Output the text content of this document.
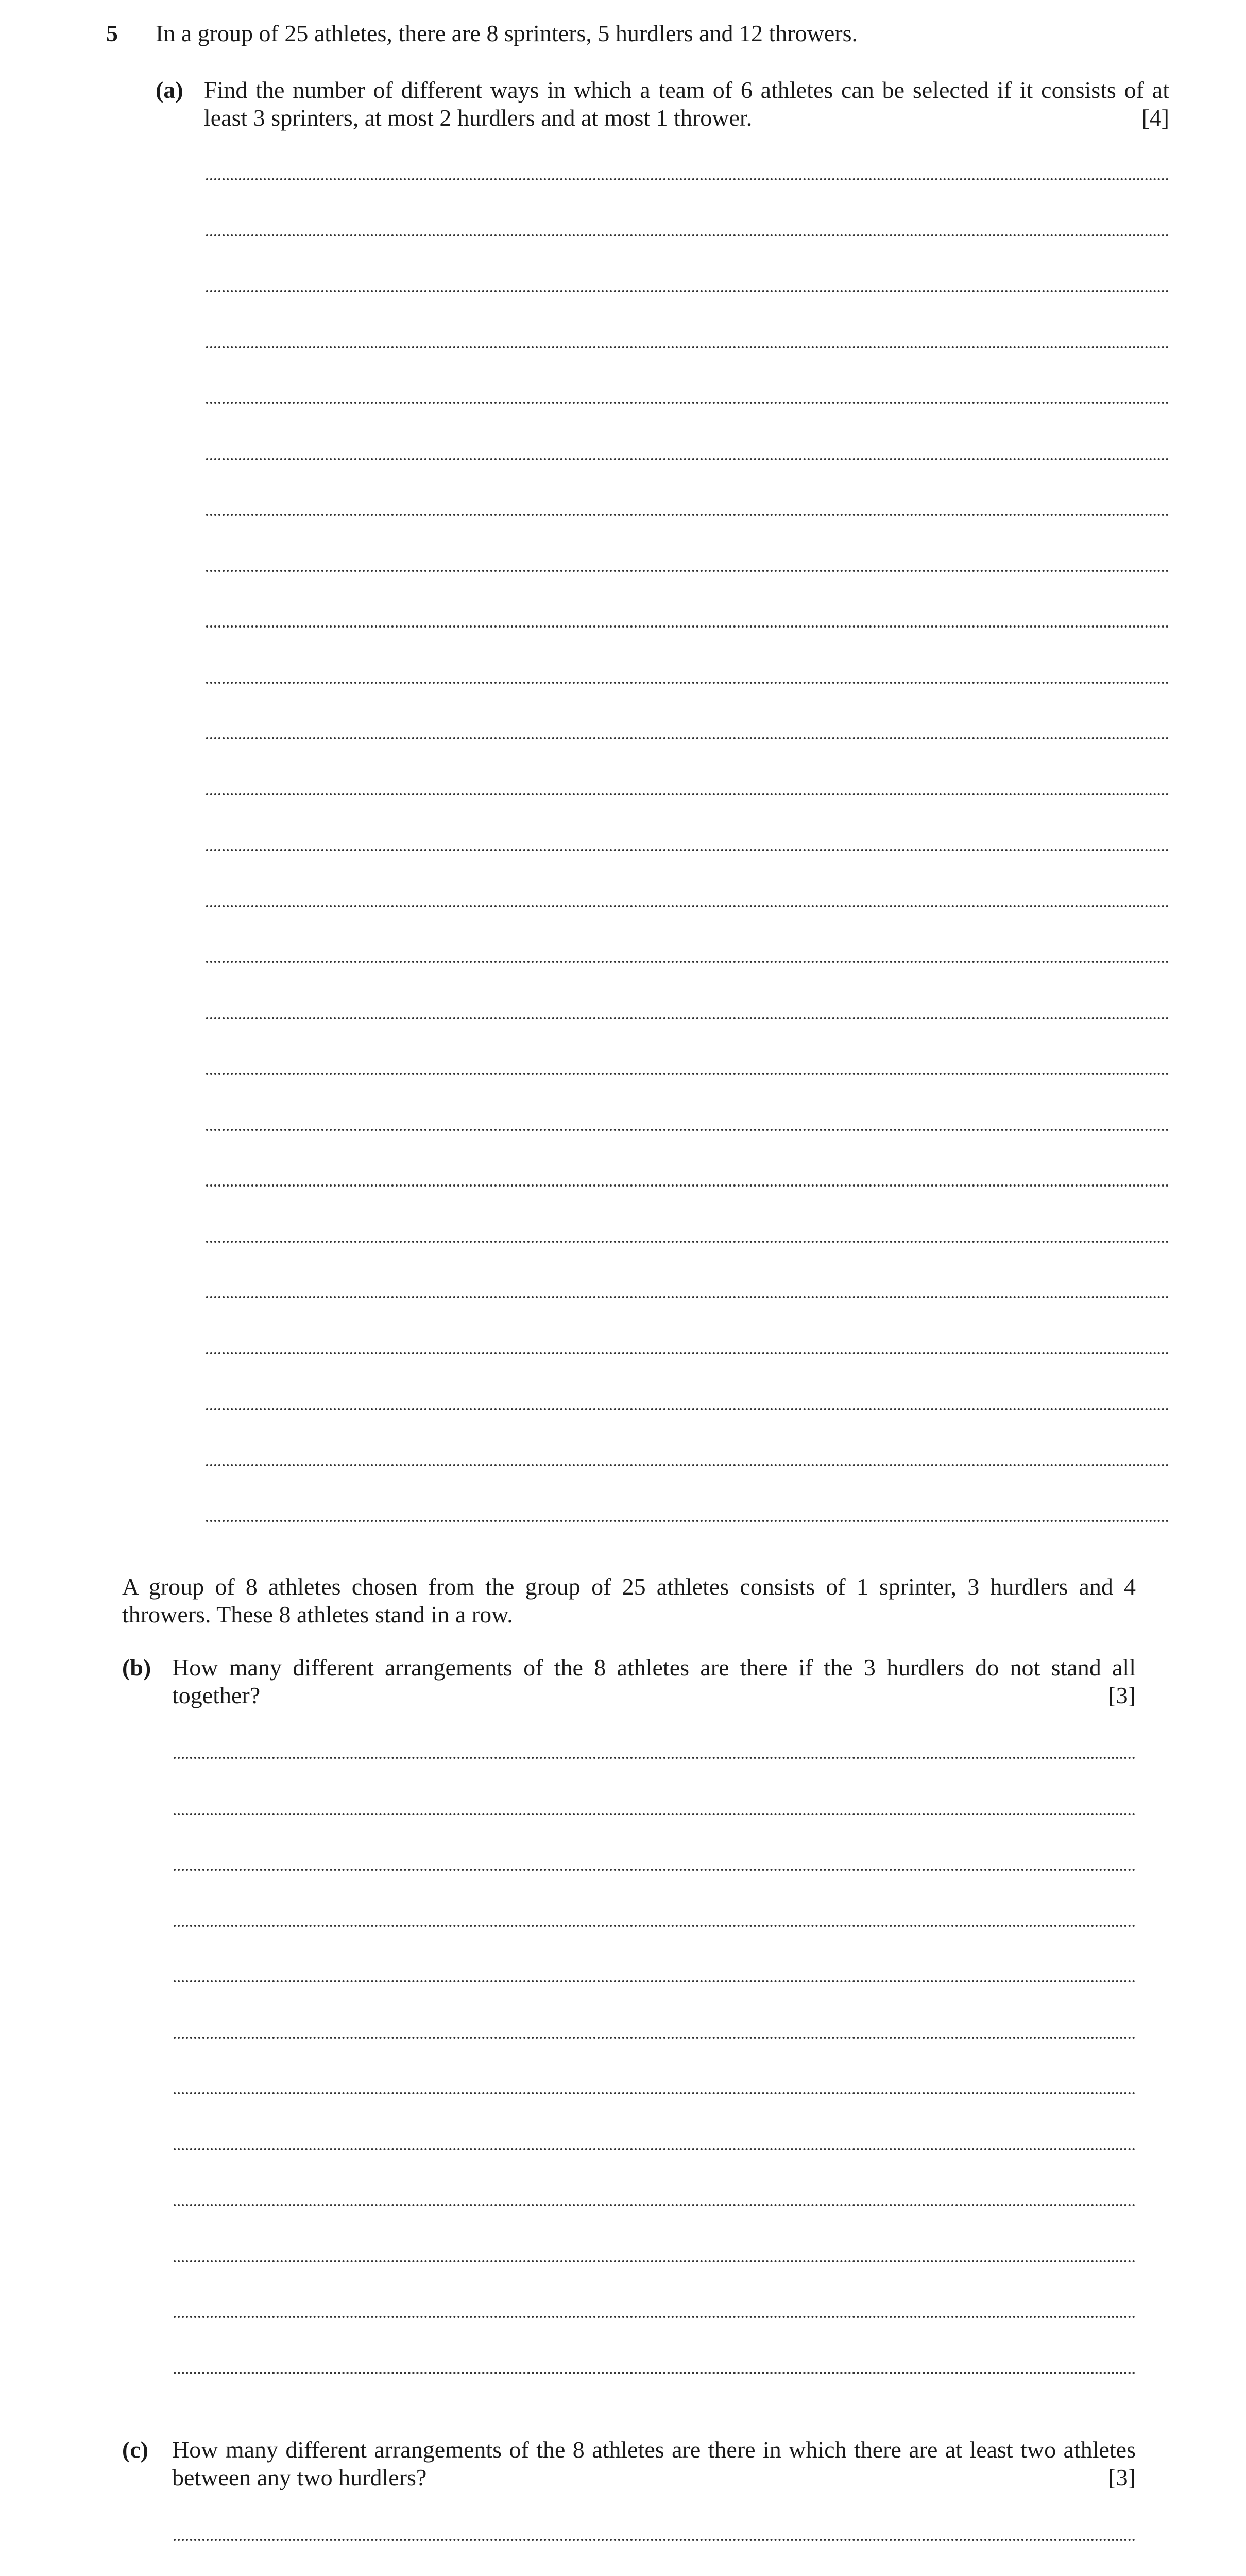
5 In a group of 25 athletes, there are 8 sprinters, 5 hurdlers and 12 throwers.
(a) Find the number of different ways in which a team of 6 athletes can be selected if it consists of at
least 3 sprinters, at most 2 hurdlers and at most 1 thrower.	[4]
A group of 8 athletes chosen from the group of 25 athletes consists of 1 sprinter, 3 hurdlers and 4
throwers. These 8 athletes stand in a row.
(b) How many different arrangements of the 8 athletes are there if the 3 hurdlers do not stand all
together?	[3]
(c) How many different arrangements of the 8 athletes are there in which there are at least two athletes
between any two hurdlers?	[3]
